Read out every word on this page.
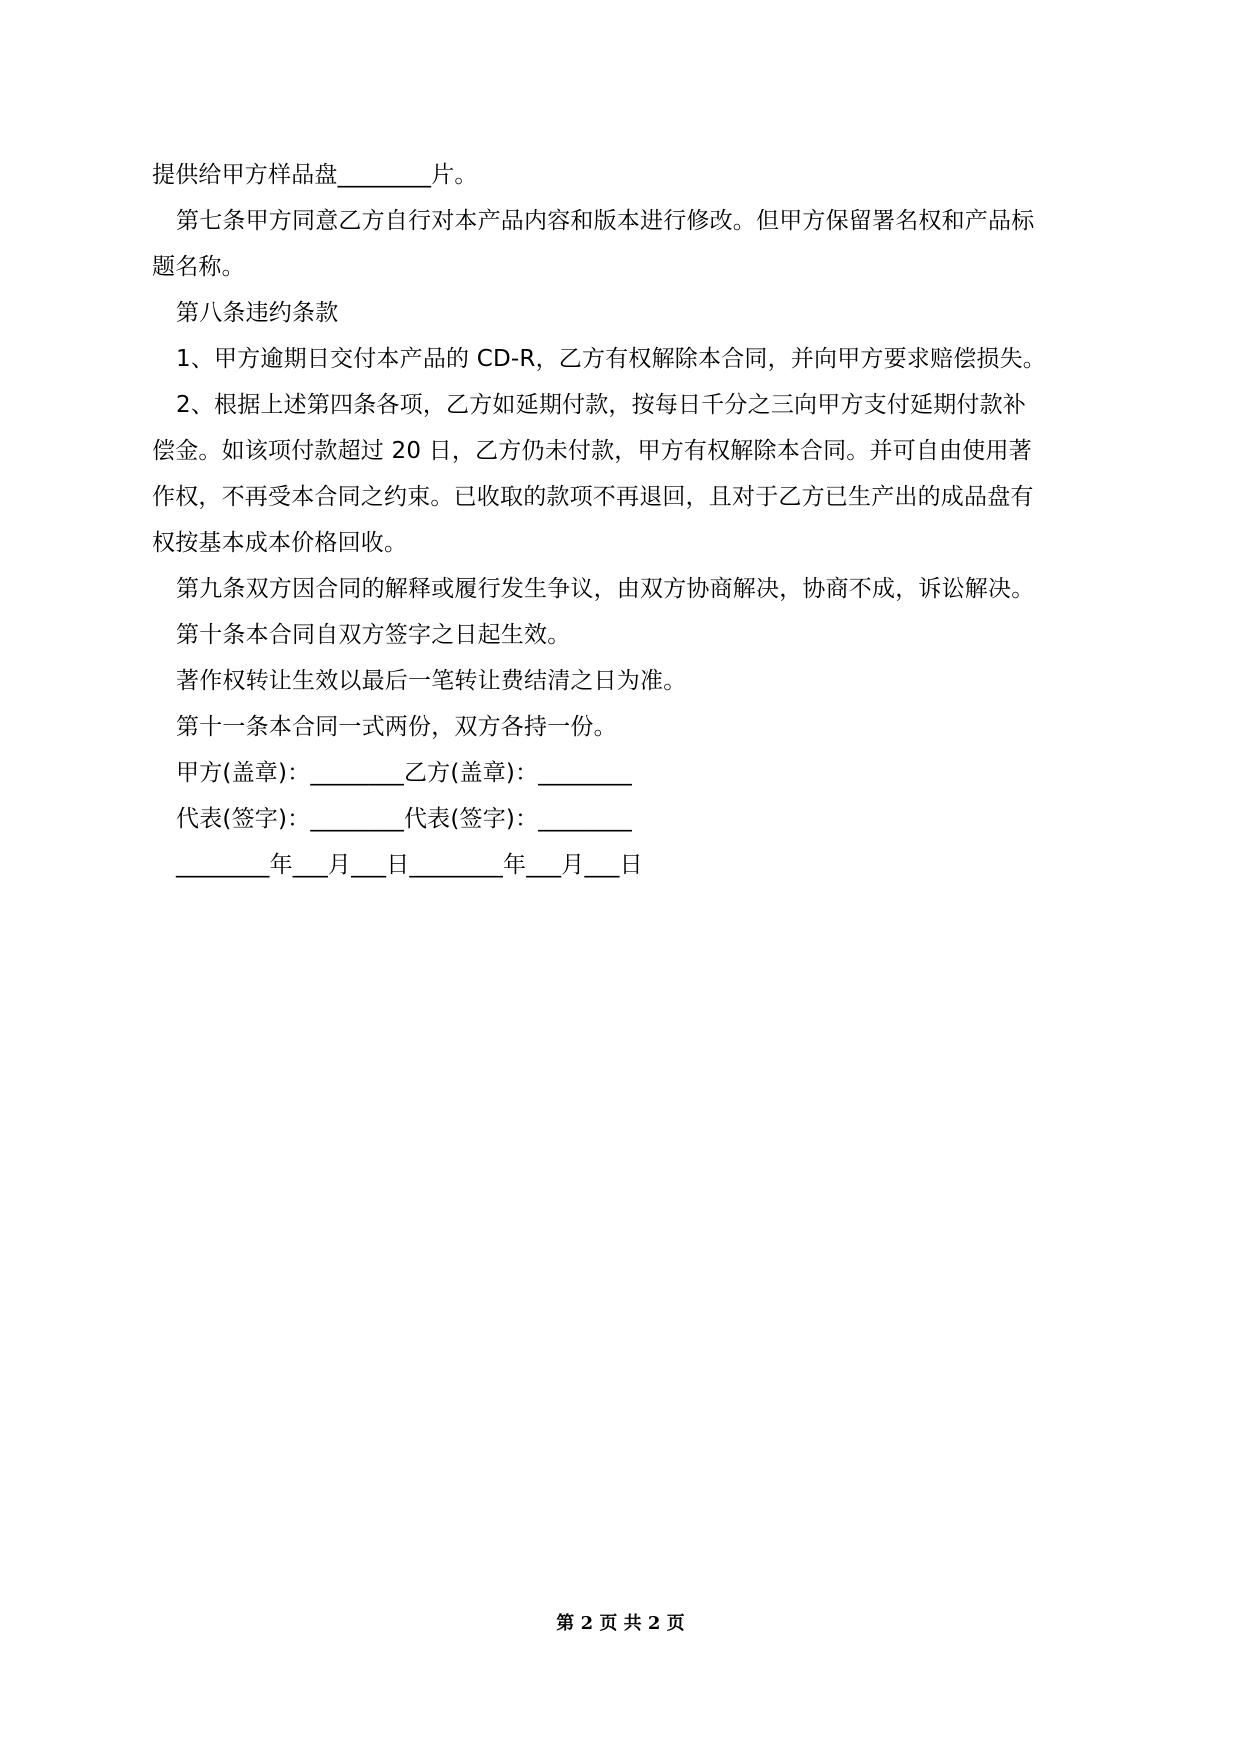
提供给甲方样品盘________片。
第七条甲方同意乙方自行对本产品内容和版本进行修改。但甲方保留署名权和产品标
题名称。
第八条违约条款
1、甲方逾期日交付本产品的 CD-R，乙方有权解除本合同，并向甲方要求赔偿损失。
2、根据上述第四条各项，乙方如延期付款，按每日千分之三向甲方支付延期付款补
偿金。如该项付款超过 20 日，乙方仍未付款，甲方有权解除本合同。并可自由使用著
作权，不再受本合同之约束。已收取的款项不再退回，且对于乙方已生产出的成品盘有
权按基本成本价格回收。
第九条双方因合同的解释或履行发生争议，由双方协商解决，协商不成，诉讼解决。
第十条本合同自双方签字之日起生效。
著作权转让生效以最后一笔转让费结清之日为准。
第十一条本合同一式两份，双方各持一份。
甲方(盖章)：________乙方(盖章)：________
代表(签字)：________代表(签字)：________
________年___月___日________年___月___日
第 2 页 共 2 页
